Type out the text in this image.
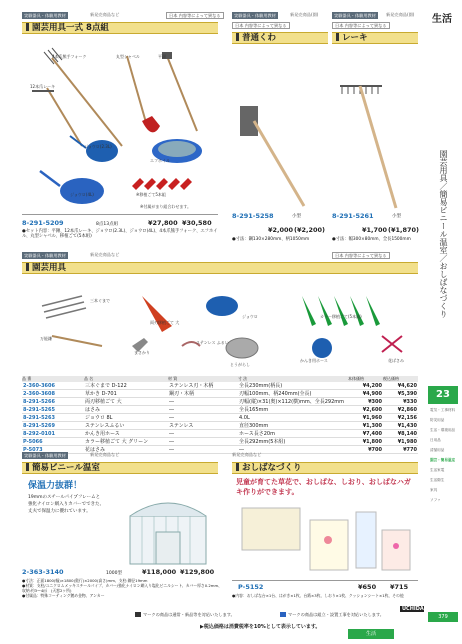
実験器具・体験用教材	新発売商品など	日本 内容等によって異なる
園芸用具一式 8点組
4本爪熊手フォーク	丸型シャベル	平鍬
12本爪レーキ
ジョウロ(2.3L)
エフホイル
ジョウロ(4L)	※移植ごて5本組
※付属がまり組合わせます。
8-291-5209	8点13点組	¥27,800 ¥30,580
●セット内容：平鍬、12本爪レーキ、ジョウロ(2.3L)、ジョウロ(4L)、4本爪熊手フォーク、エフホイル、丸型シャベル、移植ごて(5本組)
実験器具・体験用教材	新発売商品(園)
日本 内容等によって異なる
普通くわ
8-291-5258	小型
¥2,000 (¥2,200)
●寸法：鋼130×280mm、柄1050mm
実験器具・体験用教材	新発売商品(園)
日本 内容等によって異なる
レーキ
8-291-5261	小型
¥1,700 (¥1,870)
●寸法：幅300×80mm、全長1500mm
実験器具・体験用教材	新発売商品など	日本 内容等によって異なる
園芸用具
三本ぐまで
万能鎌
両刃移植ごて 大
ジョウロ	カラー移植ごて(5本組)
ステンレス ふるい
まさかり
とうがらし
かんき用ホース	花ばさみ
品 番	品 名	材 質	寸 法	本体価格	税込価格
2-360-3606	三本ぐまで D-122	ステンレス刃・木柄	全長230mm(柄長)	¥4,200	¥4,620
2-360-3608	草かき D-701	鋼刃・木柄	刃幅100mm、柄240mm(全長)	¥4,900	¥5,390
8-291-5266	両刃移植ごて 大	―	刃幅(縦)×31(奥)×112(横)mm、全長292mm	¥300	¥330
8-291-5265	はさみ	―	全長165mm	¥2,600	¥2,860
8-291-5263	ジョウロ 8L	―	4.0L	¥1,960	¥2,156
8-291-5269	ステンレスふるい	ステンレス	直径300mm	¥1,300	¥1,430
8-292-0101	かんき用ホース	―	ホース長さ20m	¥7,400	¥8,140
P-5066	カラー移植ごて 大 グリーン	―	全長292mm(5本組)	¥1,800	¥1,980
P-5073	花はさみ	―	―	¥700	¥770
実験器具・体験用教材	新発売商品など
簡易ビニール温室
保温力抜群！
19mmのスチールパイプフレームと
強化ナイロン網入りカバーでできた、
丈夫で保温力に優れています。
2-363-3140	1000型	¥118,000 ¥129,800
●寸法：正面1800(幅)×1800(奥行)×2000(高さ)mm、支柱:鋼径19mm
●材質：支柱/ユニクロムメッキスチールパイプ、カバー/強化ナイロン網入り塩化ビニルシート、カバー厚さ0.2mm、収納:約3〜4㎡　(天窓2ヶ所)
●付属品：特殊コーティング鍍め金物、アンカー
新発売商品など
おしばなづくり
児童が育てた草花で、おしばな、しおり、おしばなハガキ作りができます。
P-5152	¥650 ¥715
●内容：おしばな台×1台、はがき×1枚、台紙×3枚、しおり×1枚、クッションシート×1枚、その他
マークの商品は通常・新品等を対応いたします。	マークの商品は組立・設置工事を対応いたします。
▶税込価格は消費税率を10%として表示しています。
生活
UCHIDA
生活
園芸用具／簡易ビニール温室／おしばなづくり
23
電気・工事材料
防災用品
生活・環境用品
日用品
清掃用品
園芸・簡易温室
生活家電
生活衛生
家具
ソファ
379
